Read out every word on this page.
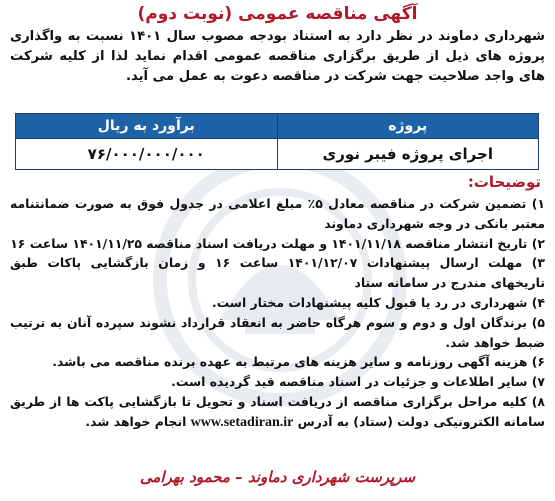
آگهی مناقصه عمومی (نوبت دوم)
شهرداری دماوند در نظر دارد به استناد بودجه مصوب سال ۱۴۰۱ نسبت به واگذاری پروژه های ذیل از طریق برگزاری مناقصه عمومی اقدام نماید لذا از کلیه شرکت های واجد صلاحیت جهت شرکت در مناقصه دعوت به عمل می آید.
پروژه	برآورد به ریال
اجرای پروژه فیبر نوری	۷۶/۰۰۰/۰۰۰/۰۰۰
توضیحات:
۱) تضمین شرکت در مناقصه معادل ۵٪ مبلغ اعلامی در جدول فوق به صورت ضمانتنامه معتبر بانکی در وجه شهرداری دماوند
۲) تاریخ انتشار مناقصه ۱۴۰۱/۱۱/۱۸ و مهلت دریافت اسناد مناقصه ۱۴۰۱/۱۱/۲۵ ساعت ۱۶
۳) مهلت ارسال پیشنهادات ۱۴۰۱/۱۲/۰۷ ساعت ۱۶ و زمان بازگشایی پاکات طبق تاریخهای مندرج در سامانه ستاد
۴) شهرداری در رد یا قبول کلیه پیشنهادات مختار است.
۵) برندگان اول و دوم و سوم هرگاه حاضر به انعقاد قرارداد نشوند سپرده آنان به ترتیب ضبط خواهد شد.
۶) هزینه آگهی روزنامه و سایر هزینه های مرتبط به عهده برنده مناقصه می باشد.
۷) سایر اطلاعات و جزئیات در اسناد مناقصه قید گردیده است.
۸) کلیه مراحل برگزاری مناقصه از دریافت اسناد و تحویل تا بازگشایی پاکت ها از طریق سامانه الکترونیکی دولت (ستاد) به آدرس www.setadiran.ir انجام خواهد شد.
سرپرست شهرداری دماوند – محمود بهرامی
